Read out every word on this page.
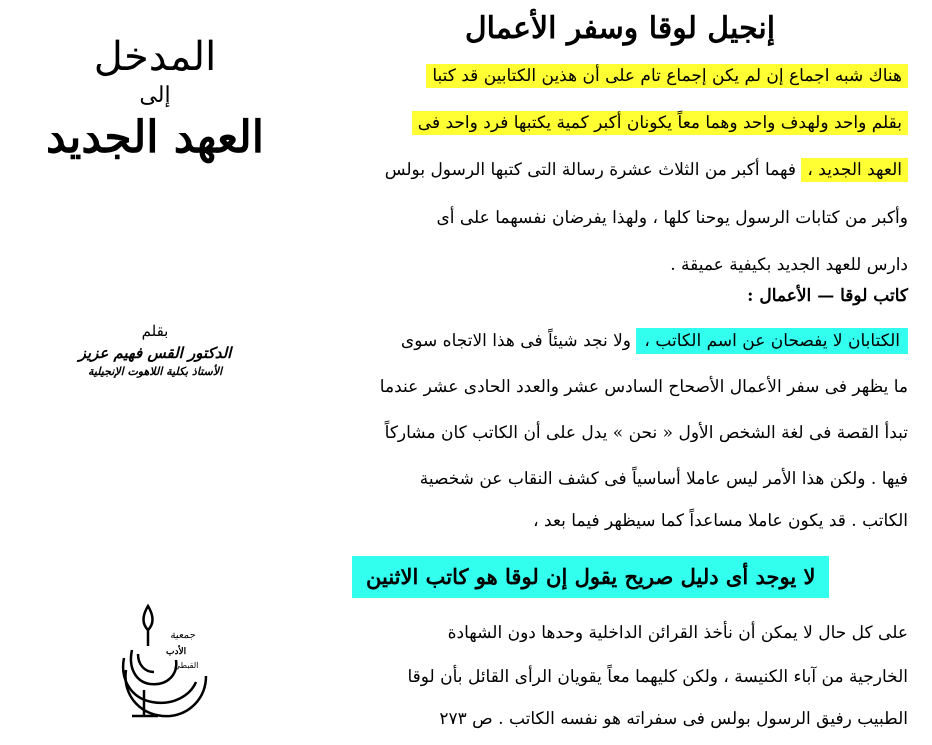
المدخل
إلى
العهد الجديد
بقلم
الدكتور القس فهيم عزيز
الأستاذ بكلية اللاهوت الإنجيلية
جمعية
الأدب
القبطي
إنجيل لوقا وسفر الأعمال
هناك شبه اجماع إن لم يكن إجماع تام على أن هذين الكتابين قد كتبا
بقلم واحد ولهدف واحد وهما معاً يكونان أكبر كمية يكتبها فرد واحد فى
العهد الجديد ، فهما أكبر من الثلاث عشرة رسالة التى كتبها الرسول بولس
وأكبر من كتابات الرسول يوحنا كلها ، ولهذا يفرضان نفسهما على أى
دارس للعهد الجديد بكيفية عميقة .
كاتب لوقا — الأعمال :
الكتابان لا يفصحان عن اسم الكاتب ، ولا نجد شيئاً فى هذا الاتجاه سوى
ما يظهر فى سفر الأعمال الأصحاح السادس عشر والعدد الحادى عشر عندما
تبدأ القصة فى لغة الشخص الأول « نحن » يدل على أن الكاتب كان مشاركاً
فيها . ولكن هذا الأمر ليس عاملا أساسياً فى كشف النقاب عن شخصية
الكاتب . قد يكون عاملا مساعداً كما سيظهر فيما بعد ،
لا يوجد أى دليل صريح يقول إن لوقا هو كاتب الاثنين
على كل حال لا يمكن أن نأخذ القرائن الداخلية وحدها دون الشهادة
الخارجية من آباء الكنيسة ، ولكن كليهما معاً يقويان الرأى القائل بأن لوقا
الطبيب رفيق الرسول بولس فى سفراته هو نفسه الكاتب . ص ٢٧٣
